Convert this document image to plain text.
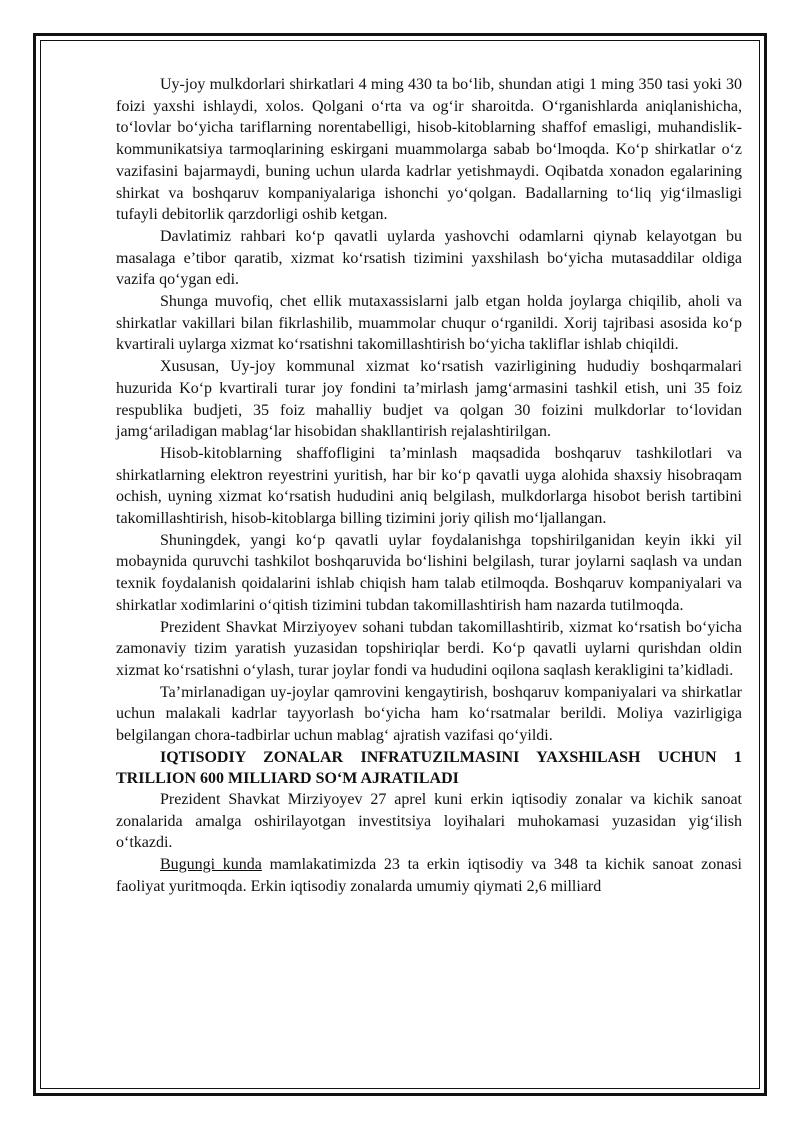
Uy-joy mulkdorlari shirkatlari 4 ming 430 ta bo‘lib, shundan atigi 1 ming 350 tasi yoki 30 foizi yaxshi ishlaydi, xolos. Qolgani o‘rta va og‘ir sharoitda. O‘rganishlarda aniqlanishicha, to‘lovlar bo‘yicha tariflarning norentabelligi, hisob-kitoblarning shaffof emasligi, muhandislik-kommunikatsiya tarmoqlarining eskirgani muammolarga sabab bo‘lmoqda. Ko‘p shirkatlar o‘z vazifasini bajarmaydi, buning uchun ularda kadrlar yetishmaydi. Oqibatda xonadon egalarining shirkat va boshqaruv kompaniyalariga ishonchi yo‘qolgan. Badallarning to‘liq yig‘ilmasligi tufayli debitorlik qarzdorligi oshib ketgan.

Davlatimiz rahbari ko‘p qavatli uylarda yashovchi odamlarni qiynab kelayotgan bu masalaga e’tibor qaratib, xizmat ko‘rsatish tizimini yaxshilash bo‘yicha mutasaddilar oldiga vazifa qo‘ygan edi.

Shunga muvofiq, chet ellik mutaxassislarni jalb etgan holda joylarga chiqilib, aholi va shirkatlar vakillari bilan fikrlashilib, muammolar chuqur o‘rganildi. Xorij tajribasi asosida ko‘p kvartirali uylarga xizmat ko‘rsatishni takomillashtirish bo‘yicha takliflar ishlab chiqildi.

Xususan, Uy-joy kommunal xizmat ko‘rsatish vazirligining hududiy boshqarmalari huzurida Ko‘p kvartirali turar joy fondini ta’mirlash jamg‘armasini tashkil etish, uni 35 foiz respublika budjeti, 35 foiz mahalliy budjet va qolgan 30 foizini mulkdorlar to‘lovidan jamg‘ariladigan mablag‘lar hisobidan shakllantirish rejalashtirilgan.

Hisob-kitoblarning shaffofligini ta’minlash maqsadida boshqaruv tashkilotlari va shirkatlarning elektron reyestrini yuritish, har bir ko‘p qavatli uyga alohida shaxsiy hisobraqam ochish, uyning xizmat ko‘rsatish hududini aniq belgilash, mulkdorlarga hisobot berish tartibini takomillashtirish, hisob-kitoblarga billing tizimini joriy qilish mo‘ljallangan.

Shuningdek, yangi ko‘p qavatli uylar foydalanishga topshirilganidan keyin ikki yil mobaynida quruvchi tashkilot boshqaruvida bo‘lishini belgilash, turar joylarni saqlash va undan texnik foydalanish qoidalarini ishlab chiqish ham talab etilmoqda. Boshqaruv kompaniyalari va shirkatlar xodimlarini o‘qitish tizimini tubdan takomillashtirish ham nazarda tutilmoqda.

Prezident Shavkat Mirziyoyev sohani tubdan takomillashtirib, xizmat ko‘rsatish bo‘yicha zamonaviy tizim yaratish yuzasidan topshiriqlar berdi. Ko‘p qavatli uylarni qurishdan oldin xizmat ko‘rsatishni o‘ylash, turar joylar fondi va hududini oqilona saqlash kerakligini ta’kidladi.

Ta’mirlanadigan uy-joylar qamrovini kengaytirish, boshqaruv kompaniyalari va shirkatlar uchun malakali kadrlar tayyorlash bo‘yicha ham ko‘rsatmalar berildi. Moliya vazirligiga belgilangan chora-tadbirlar uchun mablag‘ ajratish vazifasi qo‘yildi.

IQTISODIY ZONALAR INFRATUZILMASINI YAXSHILASH UCHUN 1 TRILLION 600 MILLIARD SO‘M AJRATILADI

Prezident Shavkat Mirziyoyev 27 aprel kuni erkin iqtisodiy zonalar va kichik sanoat zonalarida amalga oshirilayotgan investitsiya loyihalari muhokamasi yuzasidan yig‘ilish o‘tkazdi.

Bugungi kunda mamlakatimizda 23 ta erkin iqtisodiy va 348 ta kichik sanoat zonasi faoliyat yuritmoqda. Erkin iqtisodiy zonalarda umumiy qiymati 2,6 milliard
